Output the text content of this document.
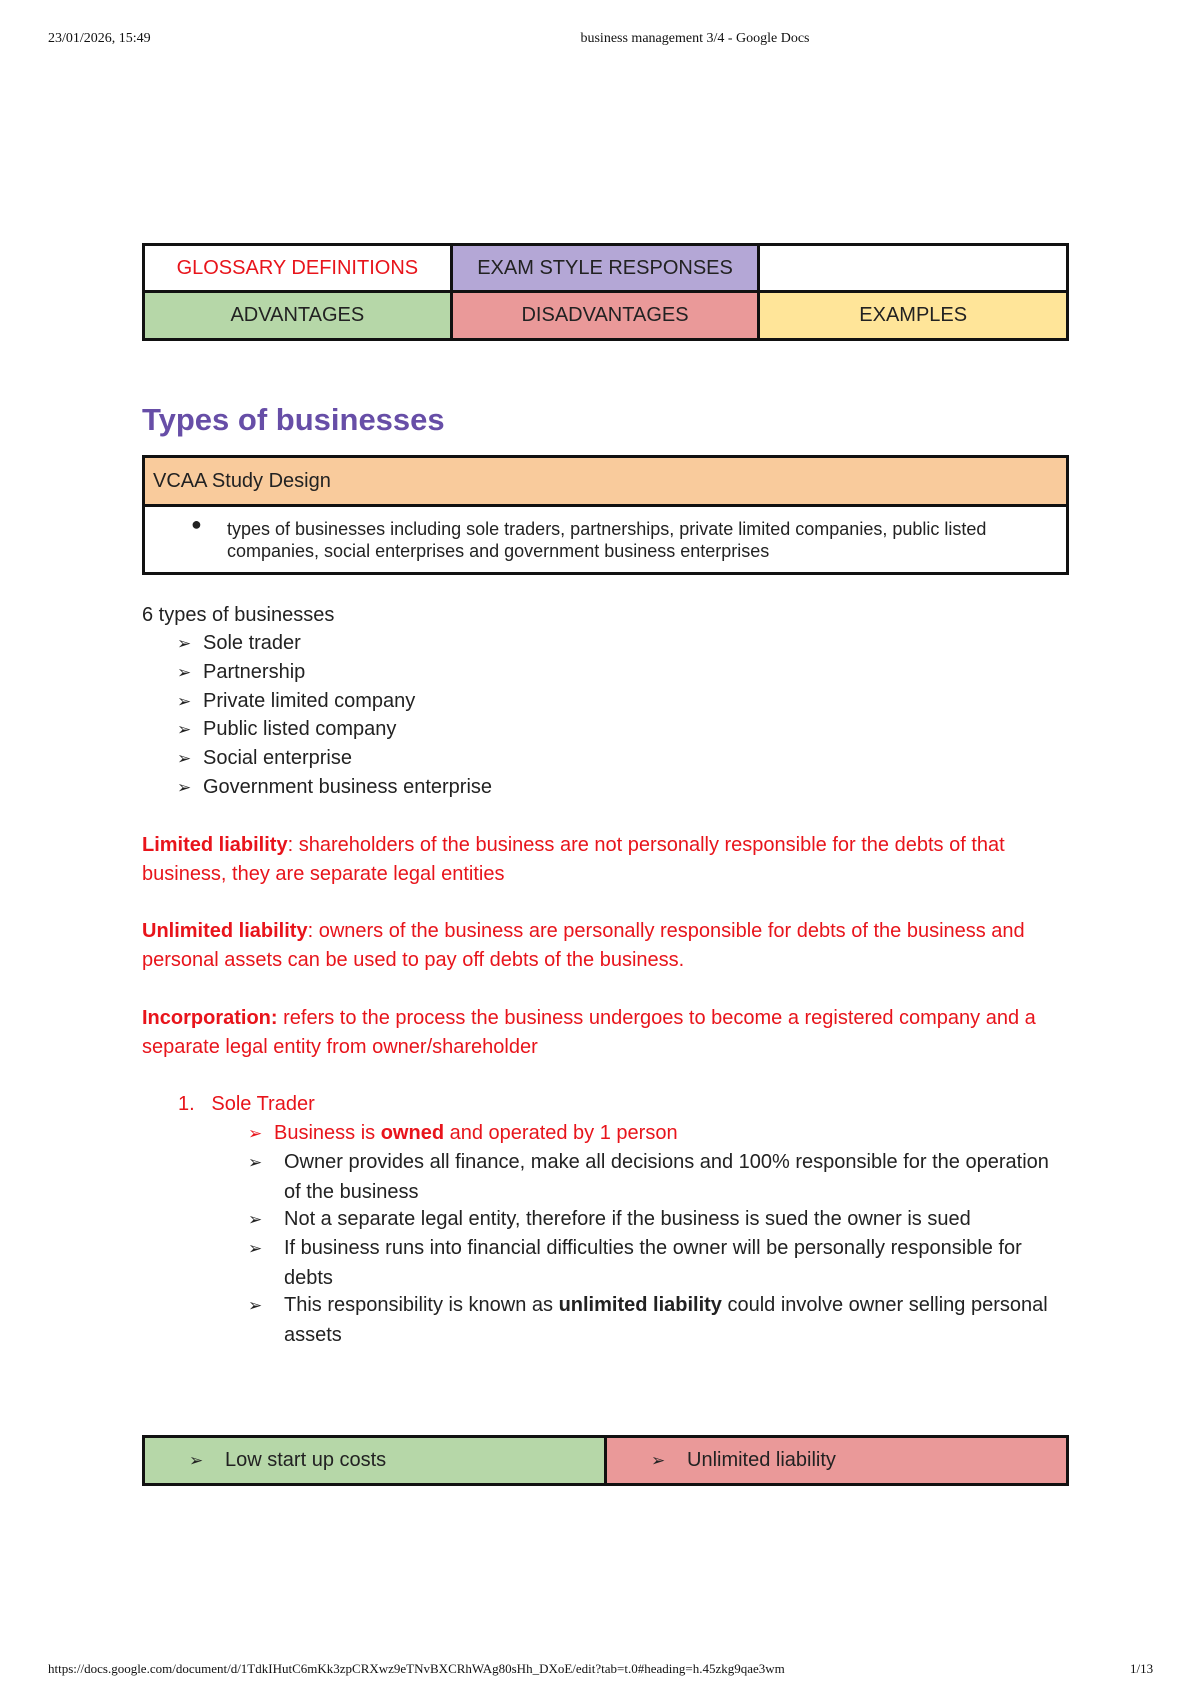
23/01/2026, 15:49	business management 3/4 - Google Docs
GLOSSARY DEFINITIONS	EXAM STYLE RESPONSES	
ADVANTAGES	DISADVANTAGES	EXAMPLES
Types of businesses
VCAA Study Design

● types of businesses including sole traders, partnerships, private limited companies, public listed companies, social enterprises and government business enterprises
6 types of businesses
➢ Sole trader
➢ Partnership
➢ Private limited company
➢ Public listed company
➢ Social enterprise
➢ Government business enterprise
Limited liability: shareholders of the business are not personally responsible for the debts of that business, they are separate legal entities
Unlimited liability: owners of the business are personally responsible for debts of the business and personal assets can be used to pay off debts of the business.
Incorporation: refers to the process the business undergoes to become a registered company and a separate legal entity from owner/shareholder
1. Sole Trader
➢ Business is owned and operated by 1 person
➢ Owner provides all finance, make all decisions and 100% responsible for the operation of the business
➢ Not a separate legal entity, therefore if the business is sued the owner is sued
➢ If business runs into financial difficulties the owner will be personally responsible for debts
➢ This responsibility is known as unlimited liability could involve owner selling personal assets
➢ Low start up costs	➢ Unlimited liability
https://docs.google.com/document/d/1TdkIHutC6mKk3zpCRXwz9eTNvBXCRhWAg80sHh_DXoE/edit?tab=t.0#heading=h.45zkg9qae3wm	1/13
